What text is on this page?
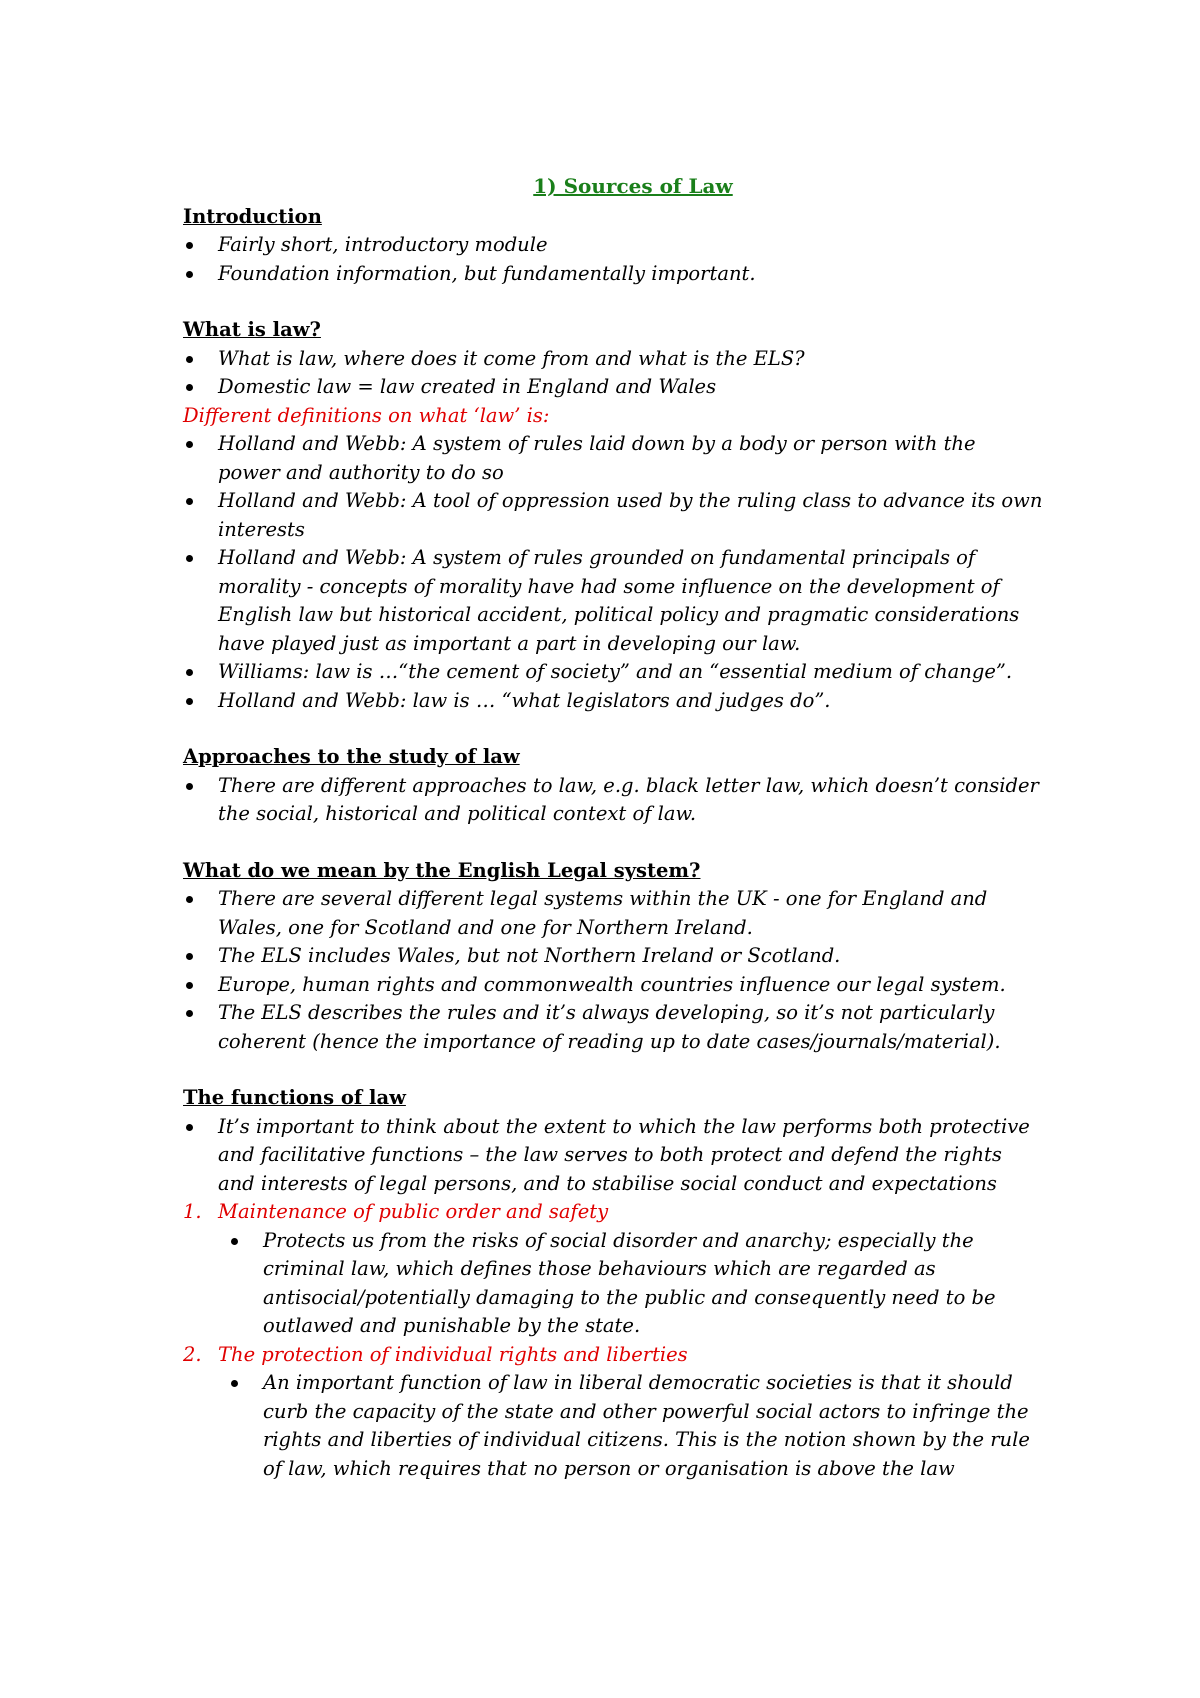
1) Sources of Law

Introduction

Fairly short, introductory module
Foundation information, but fundamentally important.

What is law?

What is law, where does it come from and what is the ELS?
Domestic law = law created in England and Wales

Different definitions on what ‘law’ is:

Holland and Webb: A system of rules laid down by a body or person with the power and authority to do so
Holland and Webb: A tool of oppression used by the ruling class to advance its own interests
Holland and Webb: A system of rules grounded on fundamental principals of morality - concepts of morality have had some influence on the development of English law but historical accident, political policy and pragmatic considerations have played just as important a part in developing our law.
Williams: law is …“the cement of society” and an “essential medium of change”.
Holland and Webb: law is … “what legislators and judges do”.

Approaches to the study of law

There are different approaches to law, e.g. black letter law, which doesn’t consider the social, historical and political context of law.

What do we mean by the English Legal system?

There are several different legal systems within the UK - one for England and Wales, one for Scotland and one for Northern Ireland.
The ELS includes Wales, but not Northern Ireland or Scotland.
Europe, human rights and commonwealth countries influence our legal system.
The ELS describes the rules and it’s always developing, so it’s not particularly coherent (hence the importance of reading up to date cases/journals/material).

The functions of law

It’s important to think about the extent to which the law performs both protective and facilitative functions – the law serves to both protect and defend the rights and interests of legal persons, and to stabilise social conduct and expectations
1. Maintenance of public order and safety
Protects us from the risks of social disorder and anarchy; especially the criminal law, which defines those behaviours which are regarded as antisocial/potentially damaging to the public and consequently need to be outlawed and punishable by the state.
2. The protection of individual rights and liberties
An important function of law in liberal democratic societies is that it should curb the capacity of the state and other powerful social actors to infringe the rights and liberties of individual citizens. This is the notion shown by the rule of law, which requires that no person or organisation is above the law
